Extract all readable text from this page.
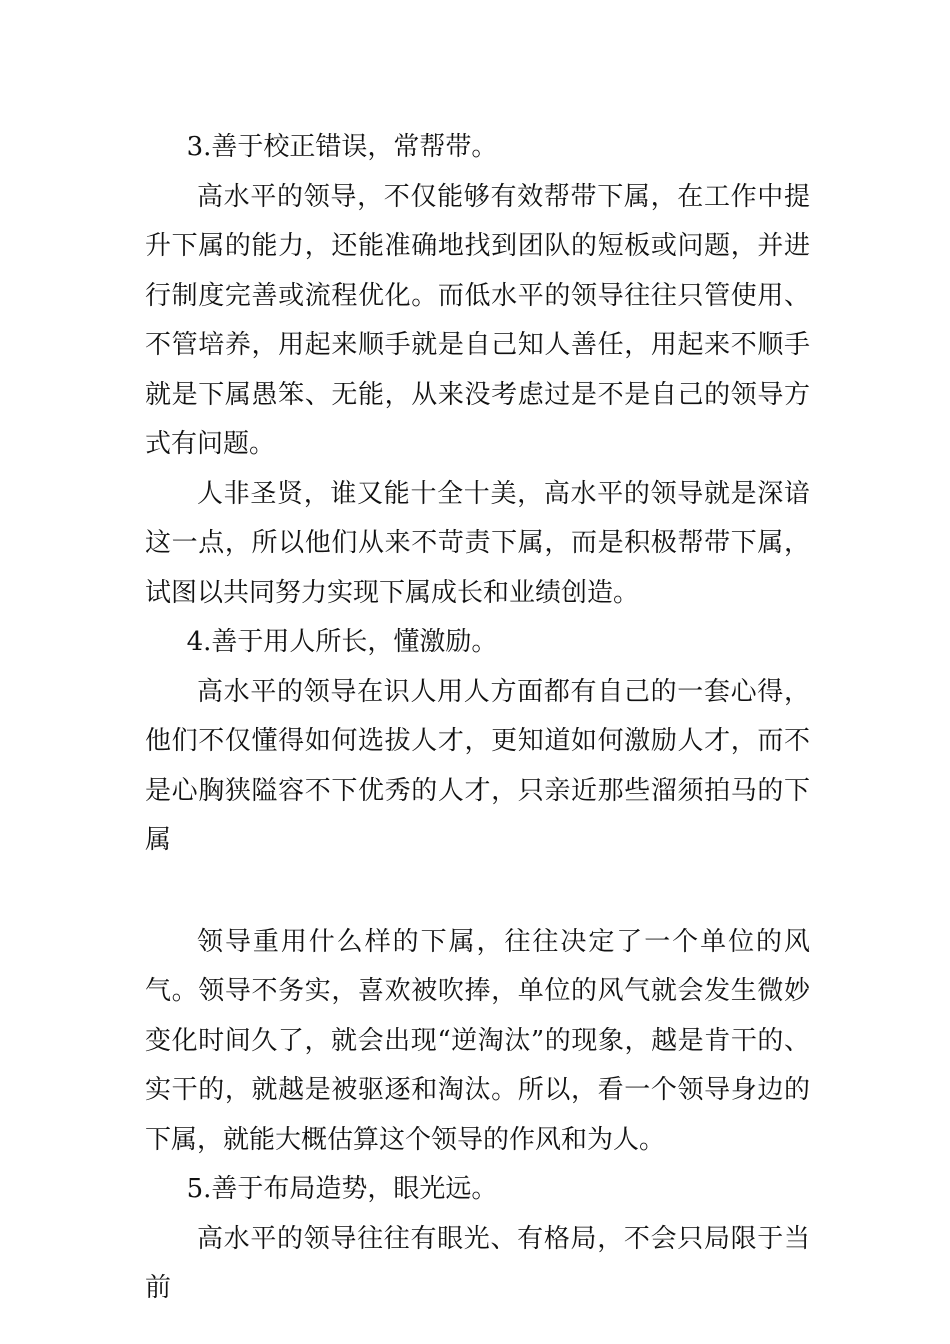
3.善于校正错误，常帮带。

高水平的领导，不仅能够有效帮带下属，在工作中提升下属的能力，还能准确地找到团队的短板或问题，并进行制度完善或流程优化。而低水平的领导往往只管使用、不管培养，用起来顺手就是自己知人善任，用起来不顺手就是下属愚笨、无能，从来没考虑过是不是自己的领导方式有问题。

人非圣贤，谁又能十全十美，高水平的领导就是深谙这一点，所以他们从来不苛责下属，而是积极帮带下属，试图以共同努力实现下属成长和业绩创造。

4.善于用人所长，懂激励。

高水平的领导在识人用人方面都有自己的一套心得，他们不仅懂得如何选拔人才，更知道如何激励人才，而不是心胸狭隘容不下优秀的人才，只亲近那些溜须拍马的下属

领导重用什么样的下属，往往决定了一个单位的风气。领导不务实，喜欢被吹捧，单位的风气就会发生微妙变化时间久了，就会出现“逆淘汰”的现象，越是肯干的、实干的，就越是被驱逐和淘汰。所以，看一个领导身边的下属，就能大概估算这个领导的作风和为人。

5.善于布局造势，眼光远。

高水平的领导往往有眼光、有格局，不会只局限于当前
